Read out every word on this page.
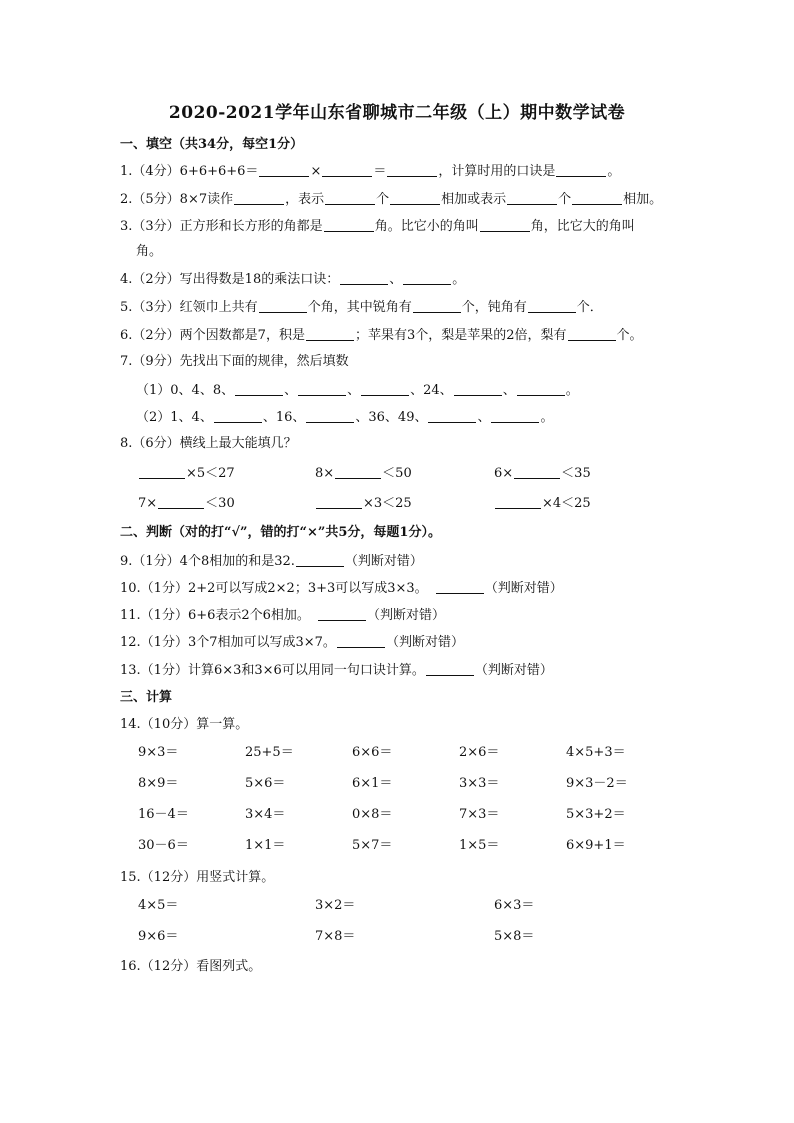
2020-2021学年山东省聊城市二年级（上）期中数学试卷
一、填空（共34分，每空1分）
1.（4分）6+6+6+6＝	×	＝	，计算时用的口诀是	。
2.（5分）8×7读作	，表示	个	相加或表示	个	相加。
3.（3分）正方形和长方形的角都是	角。比它小的角叫	角，比它大的角叫
角。
4.（2分）写出得数是18的乘法口诀：	、	。
5.（3分）红领巾上共有	个角，其中锐角有	个，钝角有	个．
6.（2分）两个因数都是7，积是	；苹果有3个，梨是苹果的2倍，梨有	个。
7.（9分）先找出下面的规律，然后填数
（1）0、4、8、	、	、	、24、	、	。
（2）1、4、	、16、	、36、49、	、	。
8.（6分）横线上最大能填几？
×5＜27	8×	＜50	6×	＜35
7×	＜30	×3＜25	×4＜25
二、判断（对的打“√”，错的打“×”共5分，每题1分）。
9.（1分）4个8相加的和是32.	（判断对错）
10.（1分）2+2可以写成2×2；3+3可以写成3×3。	（判断对错）
11.（1分）6+6表示2个6相加。	（判断对错）
12.（1分）3个7相加可以写成3×7。	（判断对错）
13.（1分）计算6×3和3×6可以用同一句口诀计算。	（判断对错）
三、计算
14.（10分）算一算。
9×3＝	25+5＝	6×6＝	2×6＝	4×5+3＝
8×9＝	5×6＝	6×1＝	3×3＝	9×3－2＝
16－4＝	3×4＝	0×8＝	7×3＝	5×3+2＝
30－6＝	1×1＝	5×7＝	1×5＝	6×9+1＝
15.（12分）用竖式计算。
4×5＝	3×2＝	6×3＝
9×6＝	7×8＝	5×8＝
16.（12分）看图列式。
